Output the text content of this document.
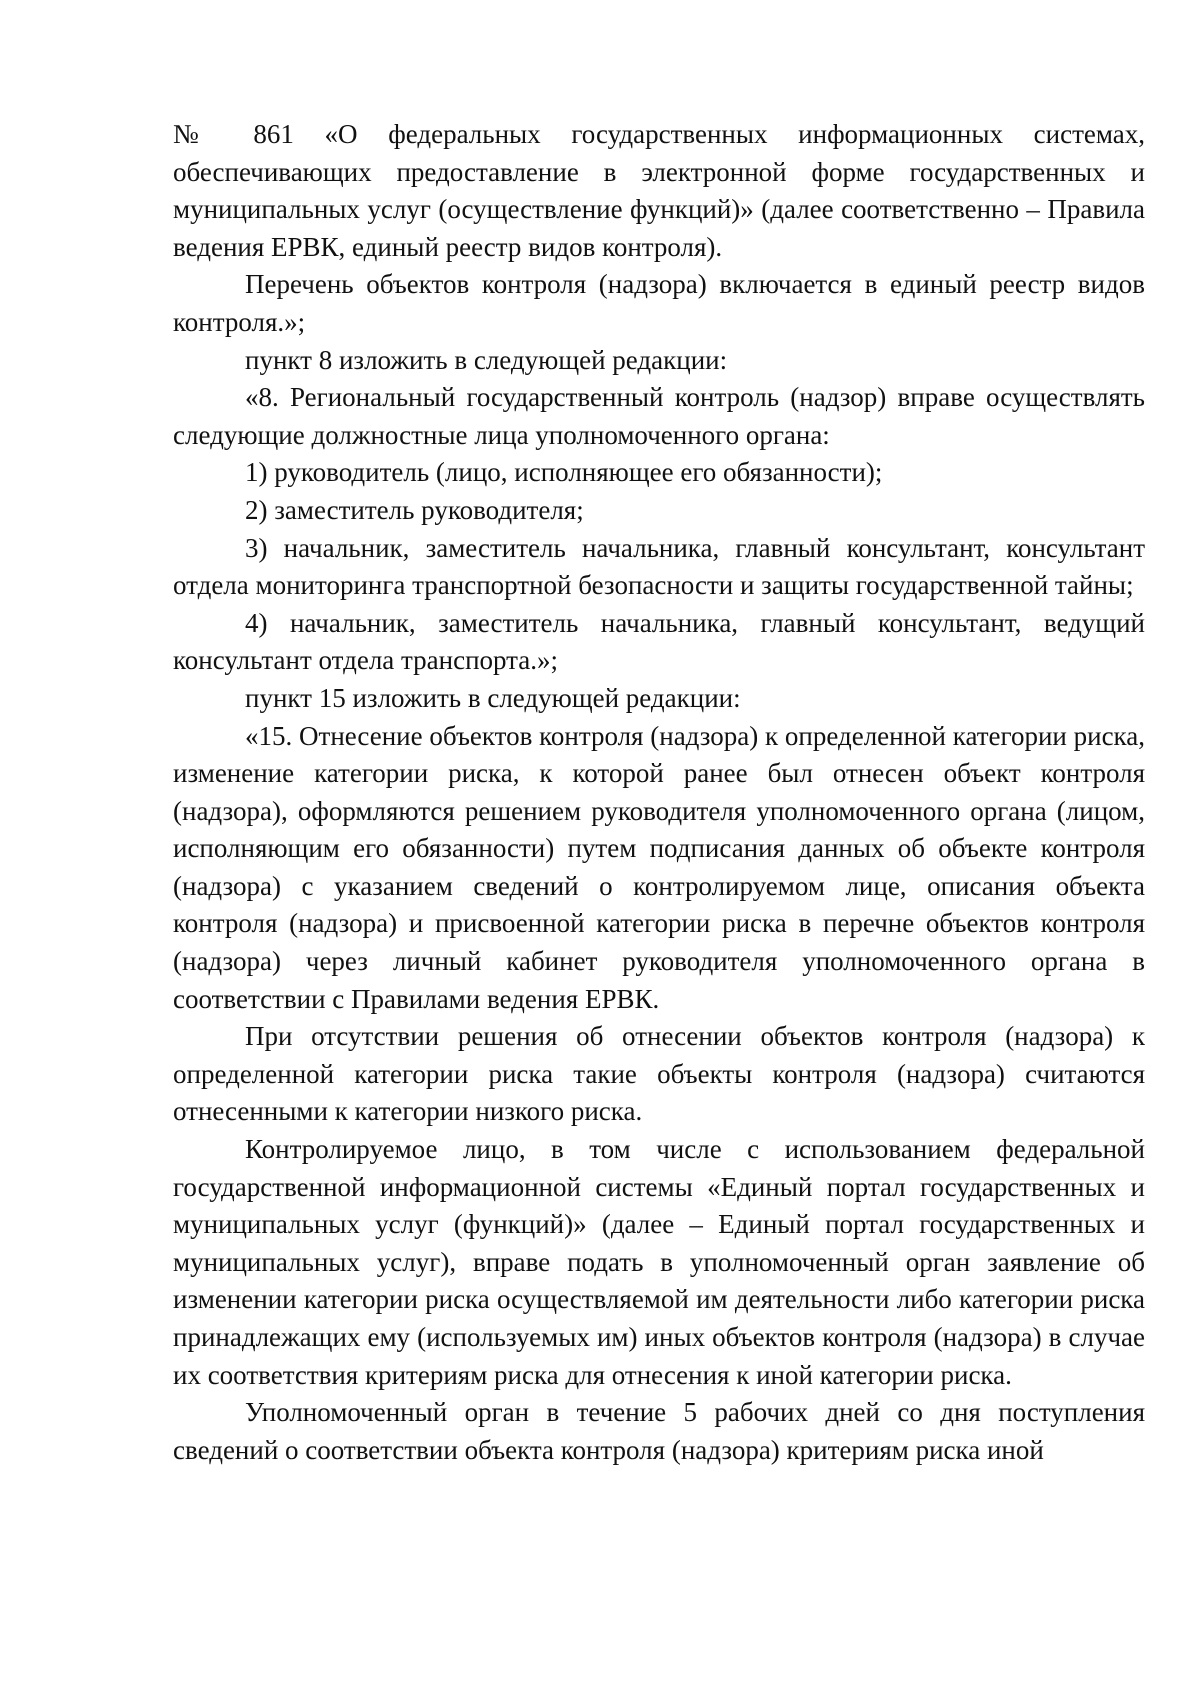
№ 861 «О федеральных государственных информационных системах, обеспечивающих предоставление в электронной форме государственных и муниципальных услуг (осуществление функций)» (далее соответственно – Правила ведения ЕРВК, единый реестр видов контроля).

Перечень объектов контроля (надзора) включается в единый реестр видов контроля.»;

пункт 8 изложить в следующей редакции:

«8. Региональный государственный контроль (надзор) вправе осуществлять следующие должностные лица уполномоченного органа:

1) руководитель (лицо, исполняющее его обязанности);

2) заместитель руководителя;

3) начальник, заместитель начальника, главный консультант, консультант отдела мониторинга транспортной безопасности и защиты государственной тайны;

4) начальник, заместитель начальника, главный консультант, ведущий консультант отдела транспорта.»;

пункт 15 изложить в следующей редакции:

«15. Отнесение объектов контроля (надзора) к определенной категории риска, изменение категории риска, к которой ранее был отнесен объект контроля (надзора), оформляются решением руководителя уполномоченного органа (лицом, исполняющим его обязанности) путем подписания данных об объекте контроля (надзора) с указанием сведений о контролируемом лице, описания объекта контроля (надзора) и присвоенной категории риска в перечне объектов контроля (надзора) через личный кабинет руководителя уполномоченного органа в соответствии с Правилами ведения ЕРВК.

При отсутствии решения об отнесении объектов контроля (надзора) к определенной категории риска такие объекты контроля (надзора) считаются отнесенными к категории низкого риска.

Контролируемое лицо, в том числе с использованием федеральной государственной информационной системы «Единый портал государственных и муниципальных услуг (функций)» (далее – Единый портал государственных и муниципальных услуг), вправе подать в уполномоченный орган заявление об изменении категории риска осуществляемой им деятельности либо категории риска принадлежащих ему (используемых им) иных объектов контроля (надзора) в случае их соответствия критериям риска для отнесения к иной категории риска.

Уполномоченный орган в течение 5 рабочих дней со дня поступления сведений о соответствии объекта контроля (надзора) критериям риска иной
